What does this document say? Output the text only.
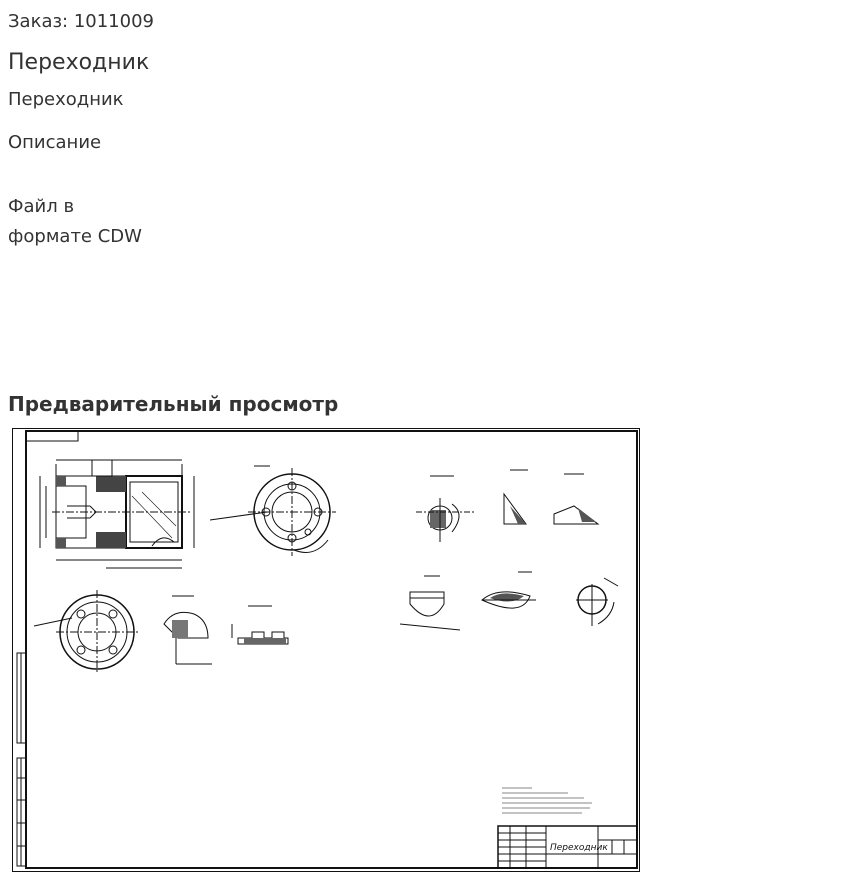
Заказ: 1011009
Переходник
Переходник
Описание
Файл в
формате CDW
Предварительный просмотр
Переходник
